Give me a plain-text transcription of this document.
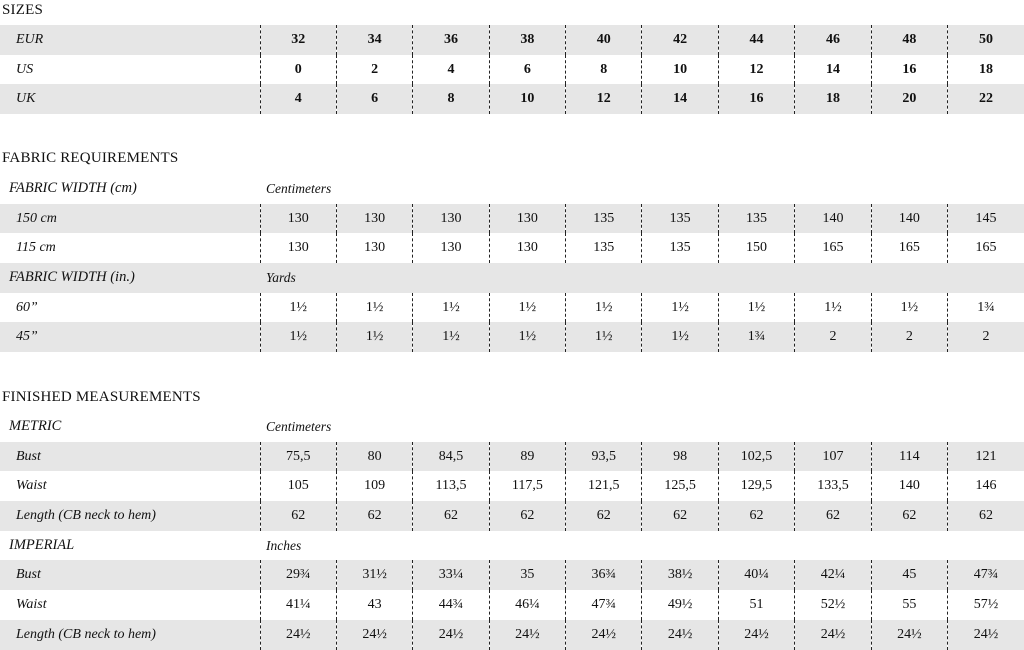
SIZES
EUR	32	34	36	38	40	42	44	46	48	50
US	0	2	4	6	8	10	12	14	16	18
UK	4	6	8	10	12	14	16	18	20	22
FABRIC REQUIREMENTS
FABRIC WIDTH (cm)	Centimeters									
150 cm	130	130	130	130	135	135	135	140	140	145
115 cm	130	130	130	130	135	135	150	165	165	165
FABRIC WIDTH (in.)	Yards									
60”	1½	1½	1½	1½	1½	1½	1½	1½	1½	1¾
45”	1½	1½	1½	1½	1½	1½	1¾	2	2	2
FINISHED MEASUREMENTS
METRIC	Centimeters									
Bust	75,5	80	84,5	89	93,5	98	102,5	107	114	121
Waist	105	109	113,5	117,5	121,5	125,5	129,5	133,5	140	146
Length (CB neck to hem)	62	62	62	62	62	62	62	62	62	62
IMPERIAL	Inches									
Bust	29¾	31½	33¼	35	36¾	38½	40¼	42¼	45	47¾
Waist	41¼	43	44¾	46¼	47¾	49½	51	52½	55	57½
Length (CB neck to hem)	24½	24½	24½	24½	24½	24½	24½	24½	24½	24½
